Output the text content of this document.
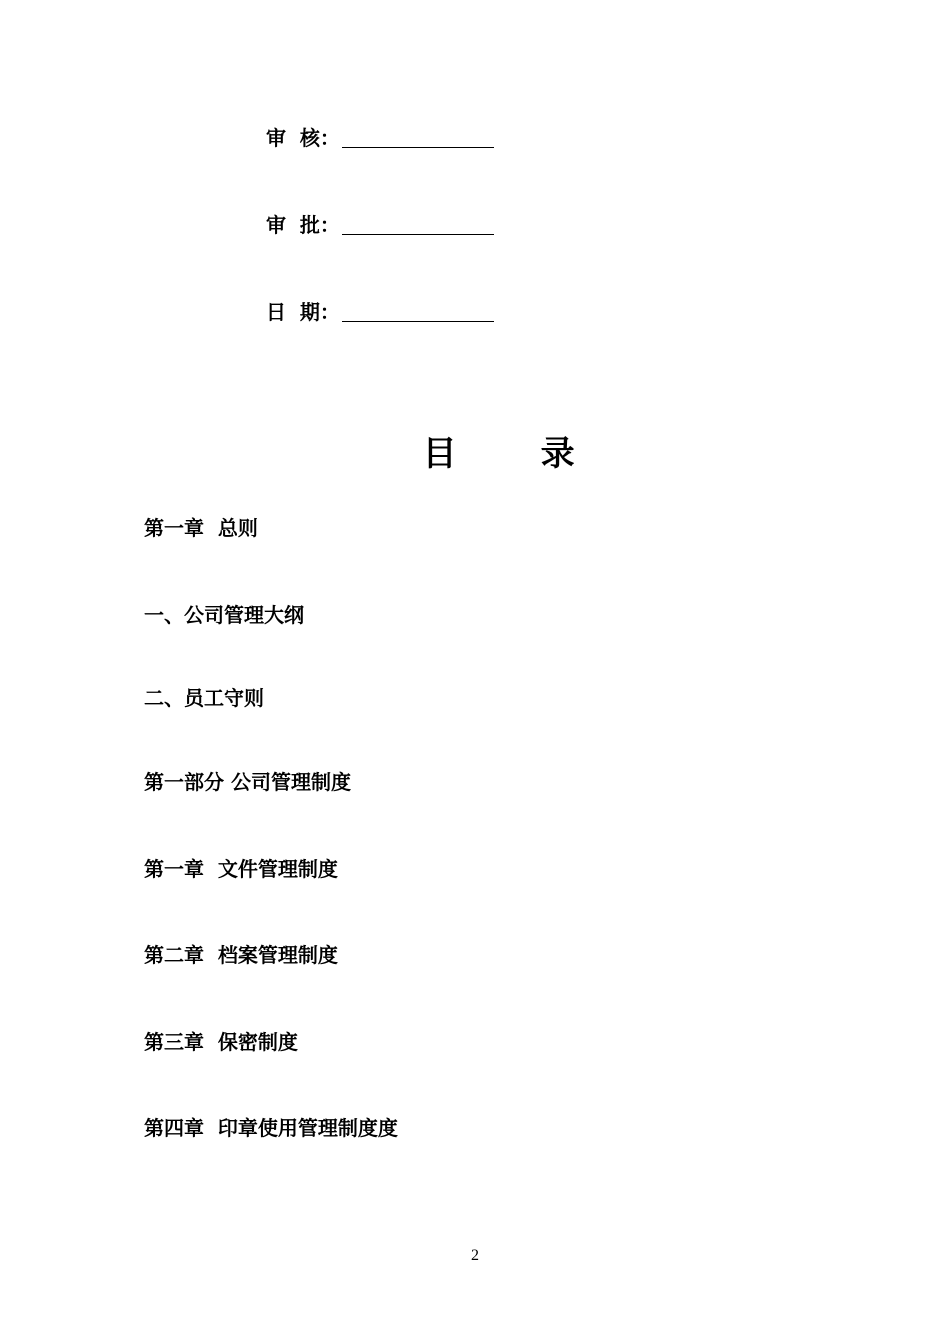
审  核：
审  批：
日  期：

目 录

第一章  总则
一、公司管理大纲
二、员工守则
第一部分 公司管理制度
第一章  文件管理制度
第二章  档案管理制度
第三章  保密制度
第四章  印章使用管理制度度
2
